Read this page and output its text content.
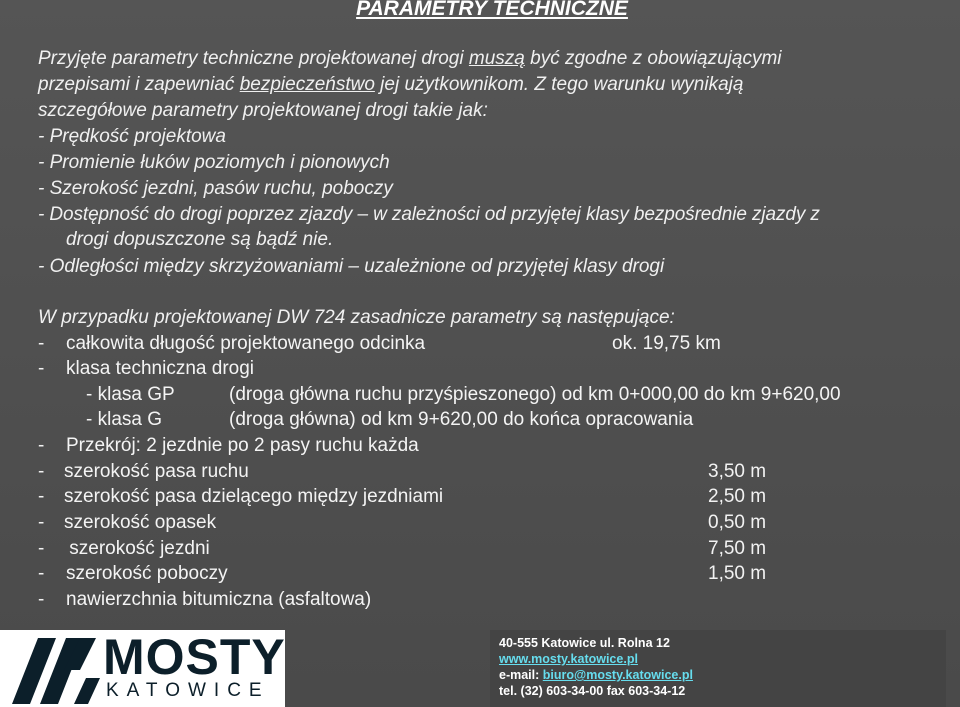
PARAMETRY TECHNICZNE
Przyjęte parametry techniczne projektowanej drogi muszą być zgodne z obowiązującymi
przepisami i zapewniać bezpieczeństwo jej użytkownikom. Z tego warunku wynikają
szczegółowe parametry projektowanej drogi takie jak:
- Prędkość projektowa
- Promienie łuków poziomych i pionowych
- Szerokość jezdni, pasów ruchu, poboczy
- Dostępność do drogi poprzez zjazdy – w zależności od przyjętej klasy bezpośrednie zjazdy z
drogi dopuszczone są bądź nie.
- Odległości między skrzyżowaniami – uzależnione od przyjętej klasy drogi
W przypadku projektowanej DW 724 zasadnicze parametry są następujące:
- całkowita długość projektowanego odcinka	ok. 19,75 km
- klasa techniczna drogi
- klasa GP	(droga główna ruchu przyśpieszonego) od km 0+000,00 do km 9+620,00
- klasa G	(droga główna) od km 9+620,00 do końca opracowania
- Przekrój: 2 jezdnie po 2 pasy ruchu każda
- szerokość pasa ruchu	3,50 m
- szerokość pasa dzielącego między jezdniami	2,50 m
- szerokość opasek	0,50 m
- szerokość jezdni	7,50 m
- szerokość poboczy	1,50 m
- nawierzchnia bitumiczna (asfaltowa)
MOSTY
KATOWICE
40-555 Katowice ul. Rolna 12
www.mosty.katowice.pl
e-mail: biuro@mosty.katowice.pl
tel. (32) 603-34-00 fax 603-34-12
